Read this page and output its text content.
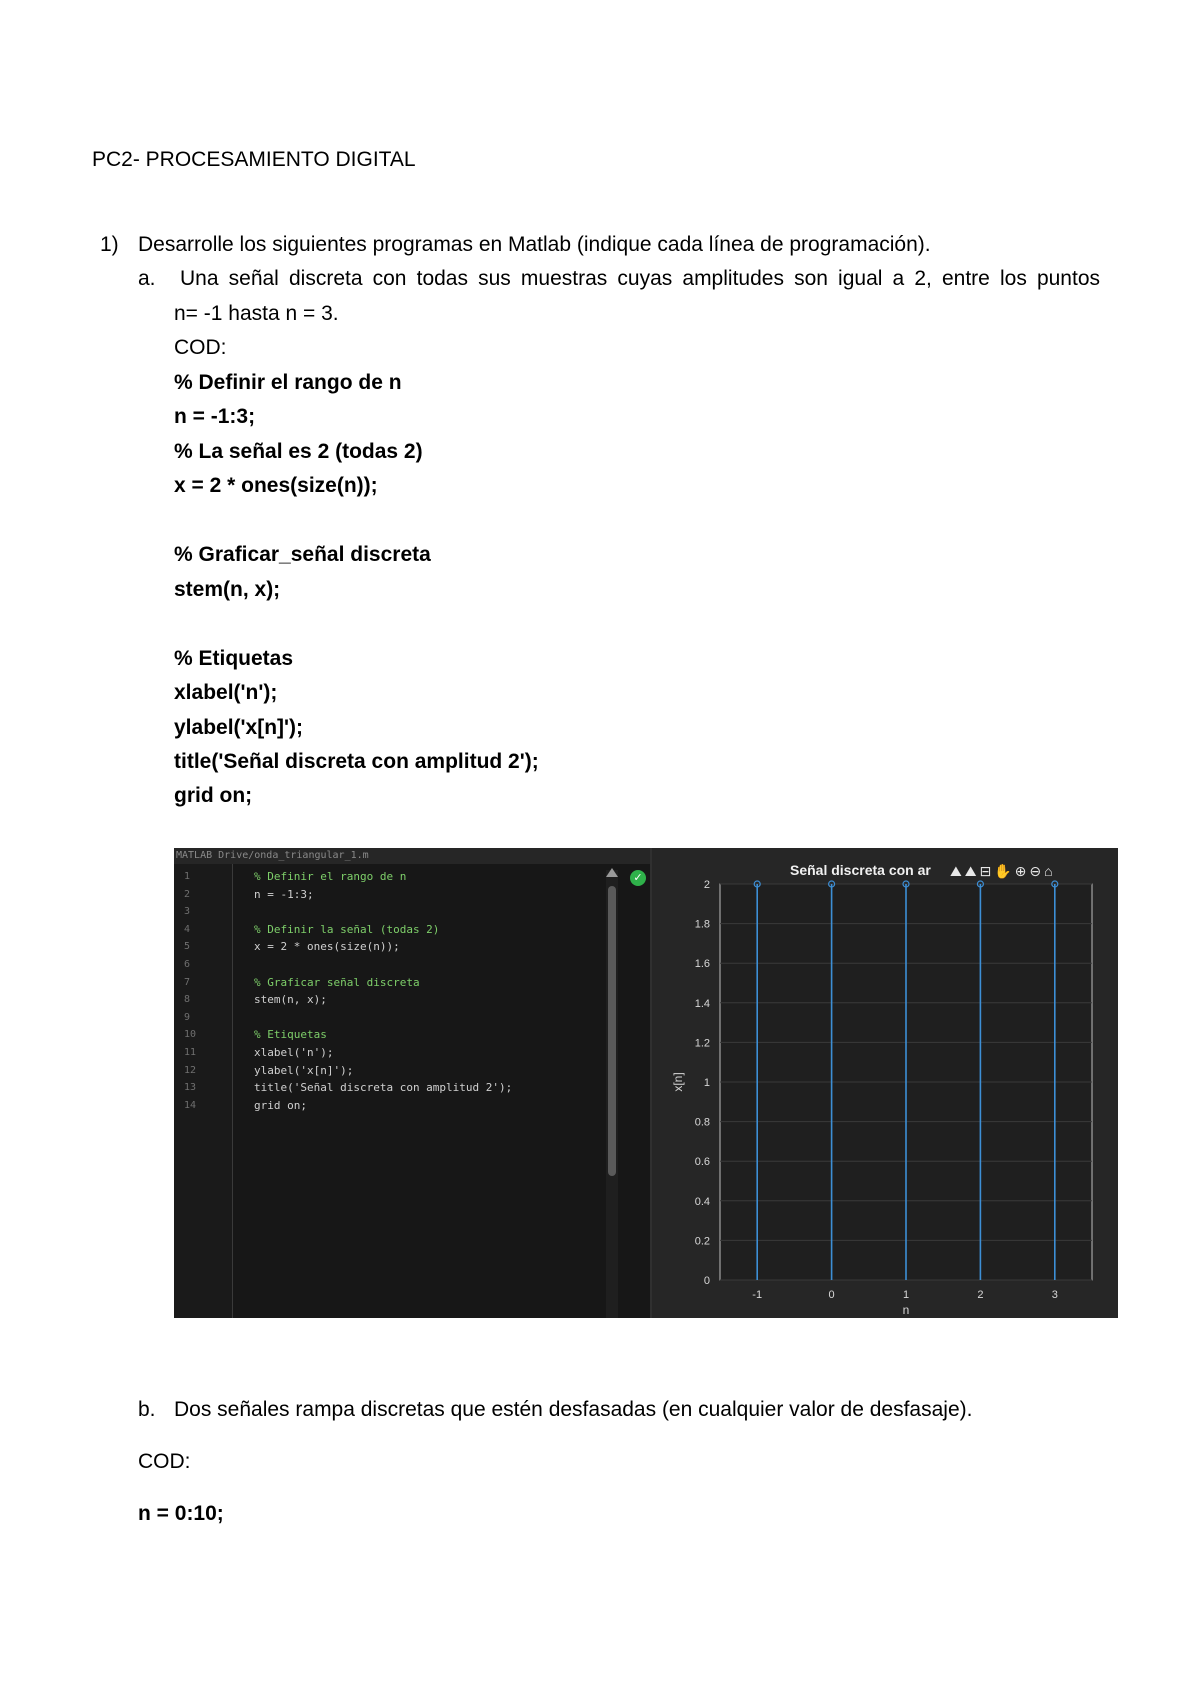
PC2- PROCESAMIENTO DIGITAL
1) Desarrolle los siguientes programas en Matlab (indique cada línea de programación).
a. Una señal discreta con todas sus muestras cuyas amplitudes son igual a 2, entre los puntos
n= -1 hasta n = 3.
COD:
% Definir el rango de n
n = -1:3;
% La señal es 2 (todas 2)
x = 2 * ones(size(n));
% Graficar_señal discreta
stem(n, x);
% Etiquetas
xlabel('n');
ylabel('x[n]');
title('Señal discreta con amplitud 2');
grid on;
MATLAB Drive/onda_triangular_1.m
1	% Definir el rango de n
2	n = -1:3;
3
4	% Definir la señal (todas 2)
5	x = 2 * ones(size(n));
6
7	% Graficar señal discreta
8	stem(n, x);
9
10	% Etiquetas
11	xlabel('n');
12	ylabel('x[n]');
13	title('Señal discreta con amplitud 2');
14	grid on;
✓
0
0.2
0.4
0.6
0.8
1
1.2
1.4
1.6
1.8
2
-1	0	1	2	3
n
x[n]
Señal discreta con ar ⛰⛰⊟✋⊕⊖⌂
b. Dos señales rampa discretas que estén desfasadas (en cualquier valor de desfasaje).
COD:
n = 0:10;
